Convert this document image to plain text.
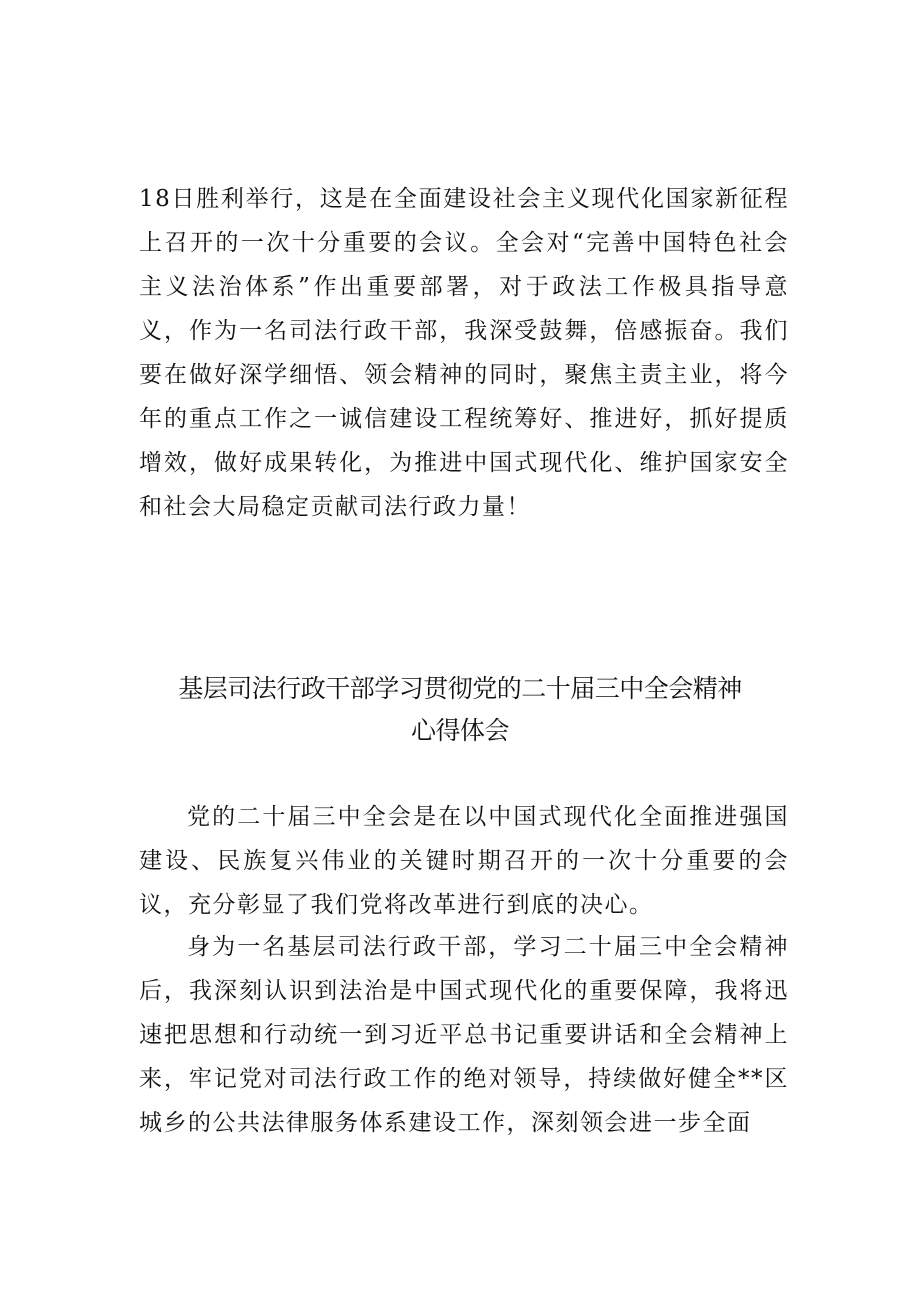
18日胜利举行，这是在全面建设社会主义现代化国家新征程上召开的一次十分重要的会议。全会对“完善中国特色社会主义法治体系”作出重要部署，对于政法工作极具指导意义，作为一名司法行政干部，我深受鼓舞，倍感振奋。我们要在做好深学细悟、领会精神的同时，聚焦主责主业，将今年的重点工作之一诚信建设工程统筹好、推进好，抓好提质增效，做好成果转化，为推进中国式现代化、维护国家安全和社会大局稳定贡献司法行政力量！

基层司法行政干部学习贯彻党的二十届三中全会精神
心得体会

党的二十届三中全会是在以中国式现代化全面推进强国建设、民族复兴伟业的关键时期召开的一次十分重要的会议，充分彰显了我们党将改革进行到底的决心。

身为一名基层司法行政干部，学习二十届三中全会精神后，我深刻认识到法治是中国式现代化的重要保障，我将迅速把思想和行动统一到习近平总书记重要讲话和全会精神上来，牢记党对司法行政工作的绝对领导，持续做好健全**区城乡的公共法律服务体系建设工作，深刻领会进一步全面
